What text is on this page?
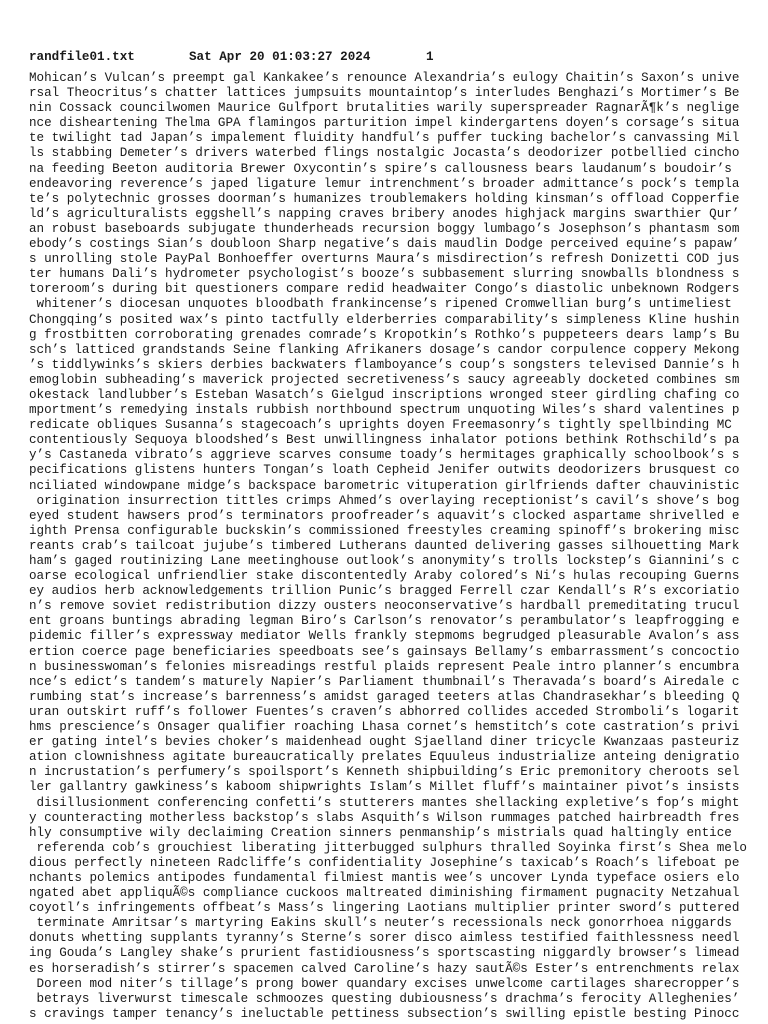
randfile01.txt	Sat Apr 20 01:03:27 2024	1
Mohican’s Vulcan’s preempt gal Kankakee’s renounce Alexandria’s eulogy Chaitin’s Saxon’s unive
rsal Theocritus’s chatter lattices jumpsuits mountaintop’s interludes Benghazi’s Mortimer’s Be
nin Cossack councilwomen Maurice Gulfport brutalities warily superspreader RagnarÃ¶k’s neglige
nce disheartening Thelma GPA flamingos parturition impel kindergartens doyen’s corsage’s situa
te twilight tad Japan’s impalement fluidity handful’s puffer tucking bachelor’s canvassing Mil
ls stabbing Demeter’s drivers waterbed flings nostalgic Jocasta’s deodorizer potbellied cincho
na feeding Beeton auditoria Brewer Oxycontin’s spire’s callousness bears laudanum’s boudoir’s
endeavoring reverence’s japed ligature lemur intrenchment’s broader admittance’s pock’s templa
te’s polytechnic grosses doorman’s humanizes troublemakers holding kinsman’s offload Copperfie
ld’s agriculturalists eggshell’s napping craves bribery anodes highjack margins swarthier Qur’
an robust baseboards subjugate thunderheads recursion boggy lumbago’s Josephson’s phantasm som
ebody’s costings Sian’s doubloon Sharp negative’s dais maudlin Dodge perceived equine’s papaw’
s unrolling stole PayPal Bonhoeffer overturns Maura’s misdirection’s refresh Donizetti COD jus
ter humans Dali’s hydrometer psychologist’s booze’s subbasement slurring snowballs blondness s
toreroom’s during bit questioners compare redid headwaiter Congo’s diastolic unbeknown Rodgers
whitener’s diocesan unquotes bloodbath frankincense’s ripened Cromwellian burg’s untimeliest
Chongqing’s posited wax’s pinto tactfully elderberries comparability’s simpleness Kline hushin
g frostbitten corroborating grenades comrade’s Kropotkin’s Rothko’s puppeteers dears lamp’s Bu
sch’s latticed grandstands Seine flanking Afrikaners dosage’s candor corpulence coppery Mekong
’s tiddlywinks’s skiers derbies backwaters flamboyance’s coup’s songsters televised Dannie’s h
emoglobin subheading’s maverick projected secretiveness’s saucy agreeably docketed combines sm
okestack landlubber’s Esteban Wasatch’s Gielgud inscriptions wronged steer girdling chafing co
mportment’s remedying instals rubbish northbound spectrum unquoting Wiles’s shard valentines p
redicate obliques Susanna’s stagecoach’s uprights doyen Freemasonry’s tightly spellbinding MC
contentiously Sequoya bloodshed’s Best unwillingness inhalator potions bethink Rothschild’s pa
y’s Castaneda vibrato’s aggrieve scarves consume toady’s hermitages graphically schoolbook’s s
pecifications glistens hunters Tongan’s loath Cepheid Jenifer outwits deodorizers brusquest co
nciliated windowpane midge’s backspace barometric vituperation girlfriends dafter chauvinistic
origination insurrection tittles crimps Ahmed’s overlaying receptionist’s cavil’s shove’s bog
eyed student hawsers prod’s terminators proofreader’s aquavit’s clocked aspartame shrivelled e
ighth Prensa configurable buckskin’s commissioned freestyles creaming spinoff’s brokering misc
reants crab’s tailcoat jujube’s timbered Lutherans daunted delivering gasses silhouetting Mark
ham’s gaged routinizing Lane meetinghouse outlook’s anonymity’s trolls lockstep’s Giannini’s c
oarse ecological unfriendlier stake discontentedly Araby colored’s Ni’s hulas recouping Guerns
ey audios herb acknowledgements trillion Punic’s bragged Ferrell czar Kendall’s R’s excoriatio
n’s remove soviet redistribution dizzy ousters neoconservative’s hardball premeditating trucul
ent groans buntings abrading legman Biro’s Carlson’s renovator’s perambulator’s leapfrogging e
pidemic filler’s expressway mediator Wells frankly stepmoms begrudged pleasurable Avalon’s ass
ertion coerce page beneficiaries speedboats see’s gainsays Bellamy’s embarrassment’s concoctio
n businesswoman’s felonies misreadings restful plaids represent Peale intro planner’s encumbra
nce’s edict’s tandem’s maturely Napier’s Parliament thumbnail’s Theravada’s board’s Airedale c
rumbing stat’s increase’s barrenness’s amidst garaged teeters atlas Chandrasekhar’s bleeding Q
uran outskirt ruff’s follower Fuentes’s craven’s abhorred collides acceded Stromboli’s logarit
hms prescience’s Onsager qualifier roaching Lhasa cornet’s hemstitch’s cote castration’s privi
er gating intel’s bevies choker’s maidenhead ought Sjaelland diner tricycle Kwanzaas pasteuriz
ation clownishness agitate bureaucratically prelates Equuleus industrialize anteing denigratio
n incrustation’s perfumery’s spoilsport’s Kenneth shipbuilding’s Eric premonitory cheroots sel
ler gallantry gawkiness’s kaboom shipwrights Islam’s Millet fluff’s maintainer pivot’s insists
disillusionment conferencing confetti’s stutterers mantes shellacking expletive’s fop’s might
y counteracting motherless backstop’s slabs Asquith’s Wilson rummages patched hairbreadth fres
hly consumptive wily declaiming Creation sinners penmanship’s mistrials quad haltingly entice
referenda cob’s grouchiest liberating jitterbugged sulphurs thralled Soyinka first’s Shea melo
dious perfectly nineteen Radcliffe’s confidentiality Josephine’s taxicab’s Roach’s lifeboat pe
nchants polemics antipodes fundamental filmiest mantis wee’s uncover Lynda typeface osiers elo
ngated abet appliquÃ©s compliance cuckoos maltreated diminishing firmament pugnacity Netzahual
coyotl’s infringements offbeat’s Mass’s lingering Laotians multiplier printer sword’s puttered
terminate Amritsar’s martyring Eakins skull’s neuter’s recessionals neck gonorrhoea niggards
donuts whetting supplants tyranny’s Sterne’s sorer disco aimless testified faithlessness needl
ing Gouda’s Langley shake’s prurient fastidiousness’s sportscasting niggardly browser’s limead
es horseradish’s stirrer’s spacemen calved Caroline’s hazy sautÃ©s Ester’s entrenchments relax
Doreen mod niter’s tillage’s prong bower quandary excises unwelcome cartilages sharecropper’s
betrays liverwurst timescale schmoozes questing dubiousness’s drachma’s ferocity Alleghenies’
s cravings tamper tenancy’s ineluctable pettiness subsection’s swilling epistle besting Pinocc
